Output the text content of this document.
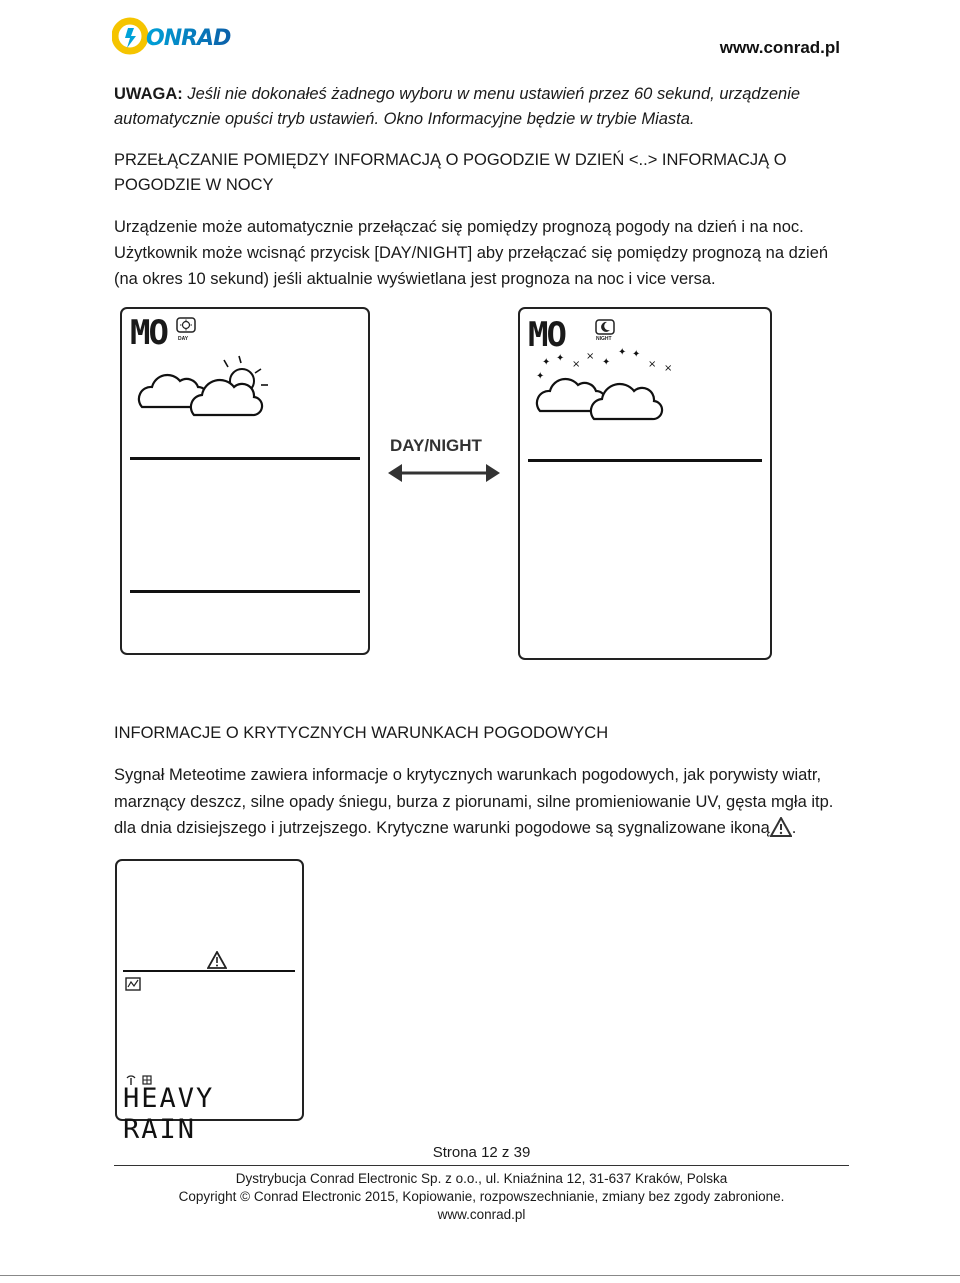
ONRAD	www.conrad.pl
UWAGA: Jeśli nie dokonałeś żadnego wyboru w menu ustawień przez 60 sekund, urządzenie automatycznie opuści tryb ustawień. Okno Informacyjne będzie w trybie Miasta.
PRZEŁĄCZANIE POMIĘDZY INFORMACJĄ O POGODZIE W DZIEŃ <..> INFORMACJĄ O POGODZIE W NOCY
Urządzenie może automatycznie przełączać się pomiędzy prognozą pogody na dzień i na noc. Użytkownik może wcisnąć przycisk [DAY/NIGHT] aby przełączać się pomiędzy prognozą na dzień (na okres 10 sekund) jeśli aktualnie wyświetlana jest prognoza na noc i vice versa.
MO DAY
DAY/NIGHT
MO	NIGHT
✦ ✦
×
×
✦
✦ ✦
× ×
✦
INFORMACJE O KRYTYCZNYCH WARUNKACH POGODOWYCH
Sygnał Meteotime zawiera informacje o krytycznych warunkach pogodowych, jak porywisty wiatr, marznący deszcz, silne opady śniegu, burza z piorunami, silne promieniowanie UV, gęsta mgła itp. dla dnia dzisiejszego i jutrzejszego. Krytyczne warunki pogodowe są sygnalizowane ikoną .
HEAVY RAIN
Strona 12 z 39
Dystrybucja Conrad Electronic Sp. z o.o., ul. Kniaźnina 12, 31-637 Kraków, Polska
Copyright © Conrad Electronic 2015, Kopiowanie, rozpowszechnianie, zmiany bez zgody zabronione.
www.conrad.pl
